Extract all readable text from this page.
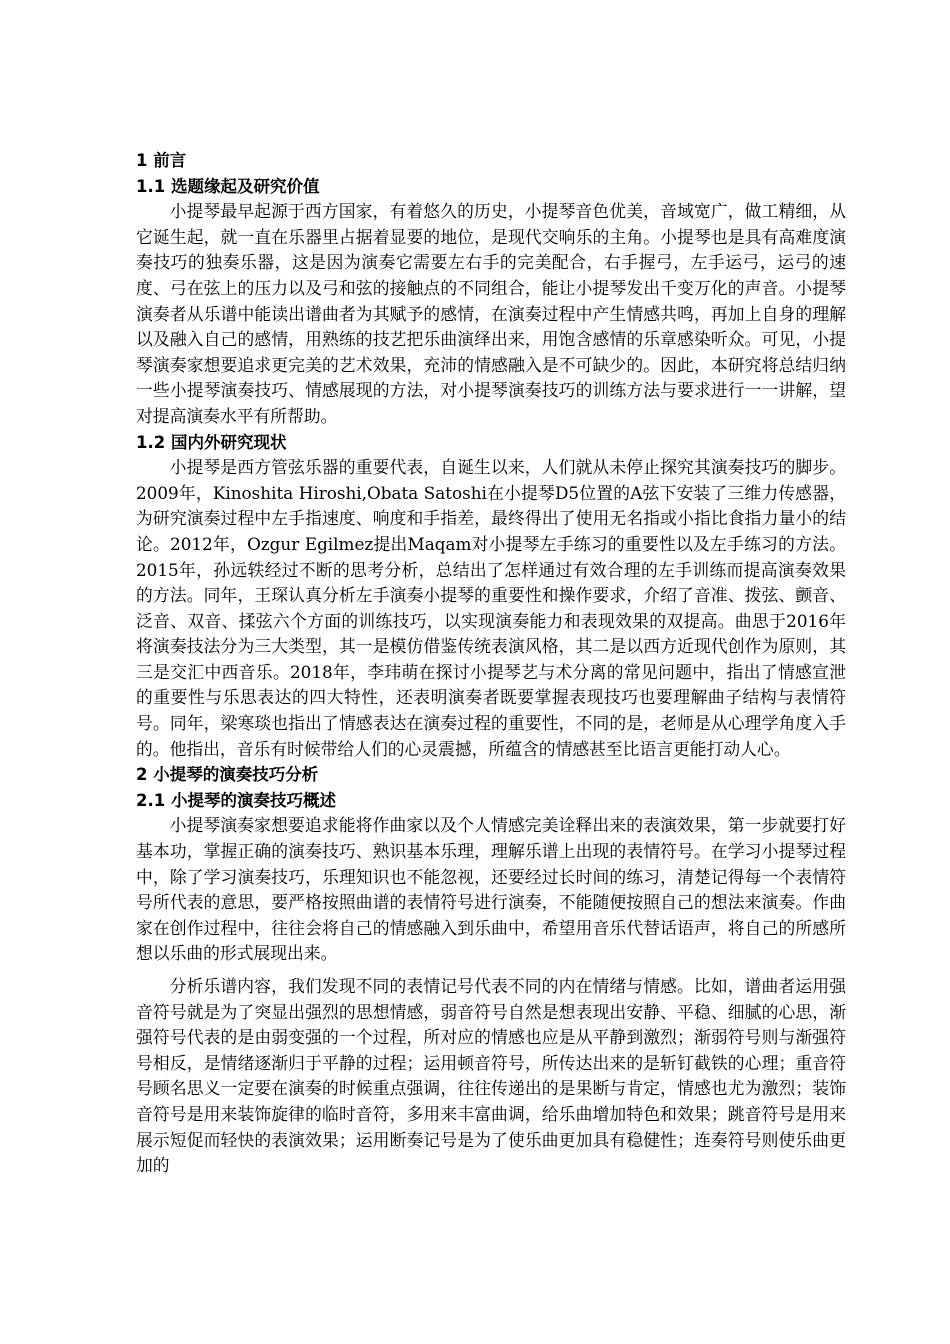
1 前言
1.1 选题缘起及研究价值

小提琴最早起源于西方国家，有着悠久的历史，小提琴音色优美，音域宽广，做工精细，从它诞生起，就一直在乐器里占据着显要的地位，是现代交响乐的主角。小提琴也是具有高难度演奏技巧的独奏乐器，这是因为演奏它需要左右手的完美配合，右手握弓，左手运弓，运弓的速度、弓在弦上的压力以及弓和弦的接触点的不同组合，能让小提琴发出千变万化的声音。小提琴演奏者从乐谱中能读出谱曲者为其赋予的感情，在演奏过程中产生情感共鸣，再加上自身的理解以及融入自己的感情，用熟练的技艺把乐曲演绎出来，用饱含感情的乐章感染听众。可见，小提琴演奏家想要追求更完美的艺术效果，充沛的情感融入是不可缺少的。因此，本研究将总结归纳一些小提琴演奏技巧、情感展现的方法，对小提琴演奏技巧的训练方法与要求进行一一讲解，望对提高演奏水平有所帮助。

1.2 国内外研究现状

小提琴是西方管弦乐器的重要代表，自诞生以来，人们就从未停止探究其演奏技巧的脚步。2009年，Kinoshita Hiroshi,Obata Satoshi在小提琴D5位置的A弦下安装了三维力传感器，为研究演奏过程中左手指速度、响度和手指差，最终得出了使用无名指或小指比食指力量小的结论。2012年，Ozgur Egilmez提出Maqam对小提琴左手练习的重要性以及左手练习的方法。2015年，孙远轶经过不断的思考分析，总结出了怎样通过有效合理的左手训练而提高演奏效果的方法。同年，王琛认真分析左手演奏小提琴的重要性和操作要求，介绍了音准、拨弦、颤音、泛音、双音、揉弦六个方面的训练技巧，以实现演奏能力和表现效果的双提高。曲思于2016年将演奏技法分为三大类型，其一是模仿借鉴传统表演风格，其二是以西方近现代创作为原则，其三是交汇中西音乐。2018年，李玮萌在探讨小提琴艺与术分离的常见问题中，指出了情感宣泄的重要性与乐思表达的四大特性，还表明演奏者既要掌握表现技巧也要理解曲子结构与表情符号。同年，梁寒琰也指出了情感表达在演奏过程的重要性，不同的是，老师是从心理学角度入手的。他指出，音乐有时候带给人们的心灵震撼，所蕴含的情感甚至比语言更能打动人心。

2 小提琴的演奏技巧分析
2.1 小提琴的演奏技巧概述

小提琴演奏家想要追求能将作曲家以及个人情感完美诠释出来的表演效果，第一步就要打好基本功，掌握正确的演奏技巧、熟识基本乐理，理解乐谱上出现的表情符号。在学习小提琴过程中，除了学习演奏技巧，乐理知识也不能忽视，还要经过长时间的练习，清楚记得每一个表情符号所代表的意思，要严格按照曲谱的表情符号进行演奏，不能随便按照自己的想法来演奏。作曲家在创作过程中，往往会将自己的情感融入到乐曲中，希望用音乐代替话语声，将自己的所感所想以乐曲的形式展现出来。

分析乐谱内容，我们发现不同的表情记号代表不同的内在情绪与情感。比如，谱曲者运用强音符号就是为了突显出强烈的思想情感，弱音符号自然是想表现出安静、平稳、细腻的心思，渐强符号代表的是由弱变强的一个过程，所对应的情感也应是从平静到激烈；渐弱符号则与渐强符号相反，是情绪逐渐归于平静的过程；运用顿音符号，所传达出来的是斩钉截铁的心理；重音符号顾名思义一定要在演奏的时候重点强调，往往传递出的是果断与肯定，情感也尤为激烈；装饰音符号是用来装饰旋律的临时音符，多用来丰富曲调，给乐曲增加特色和效果；跳音符号是用来展示短促而轻快的表演效果；运用断奏记号是为了使乐曲更加具有稳健性；连奏符号则使乐曲更加的
